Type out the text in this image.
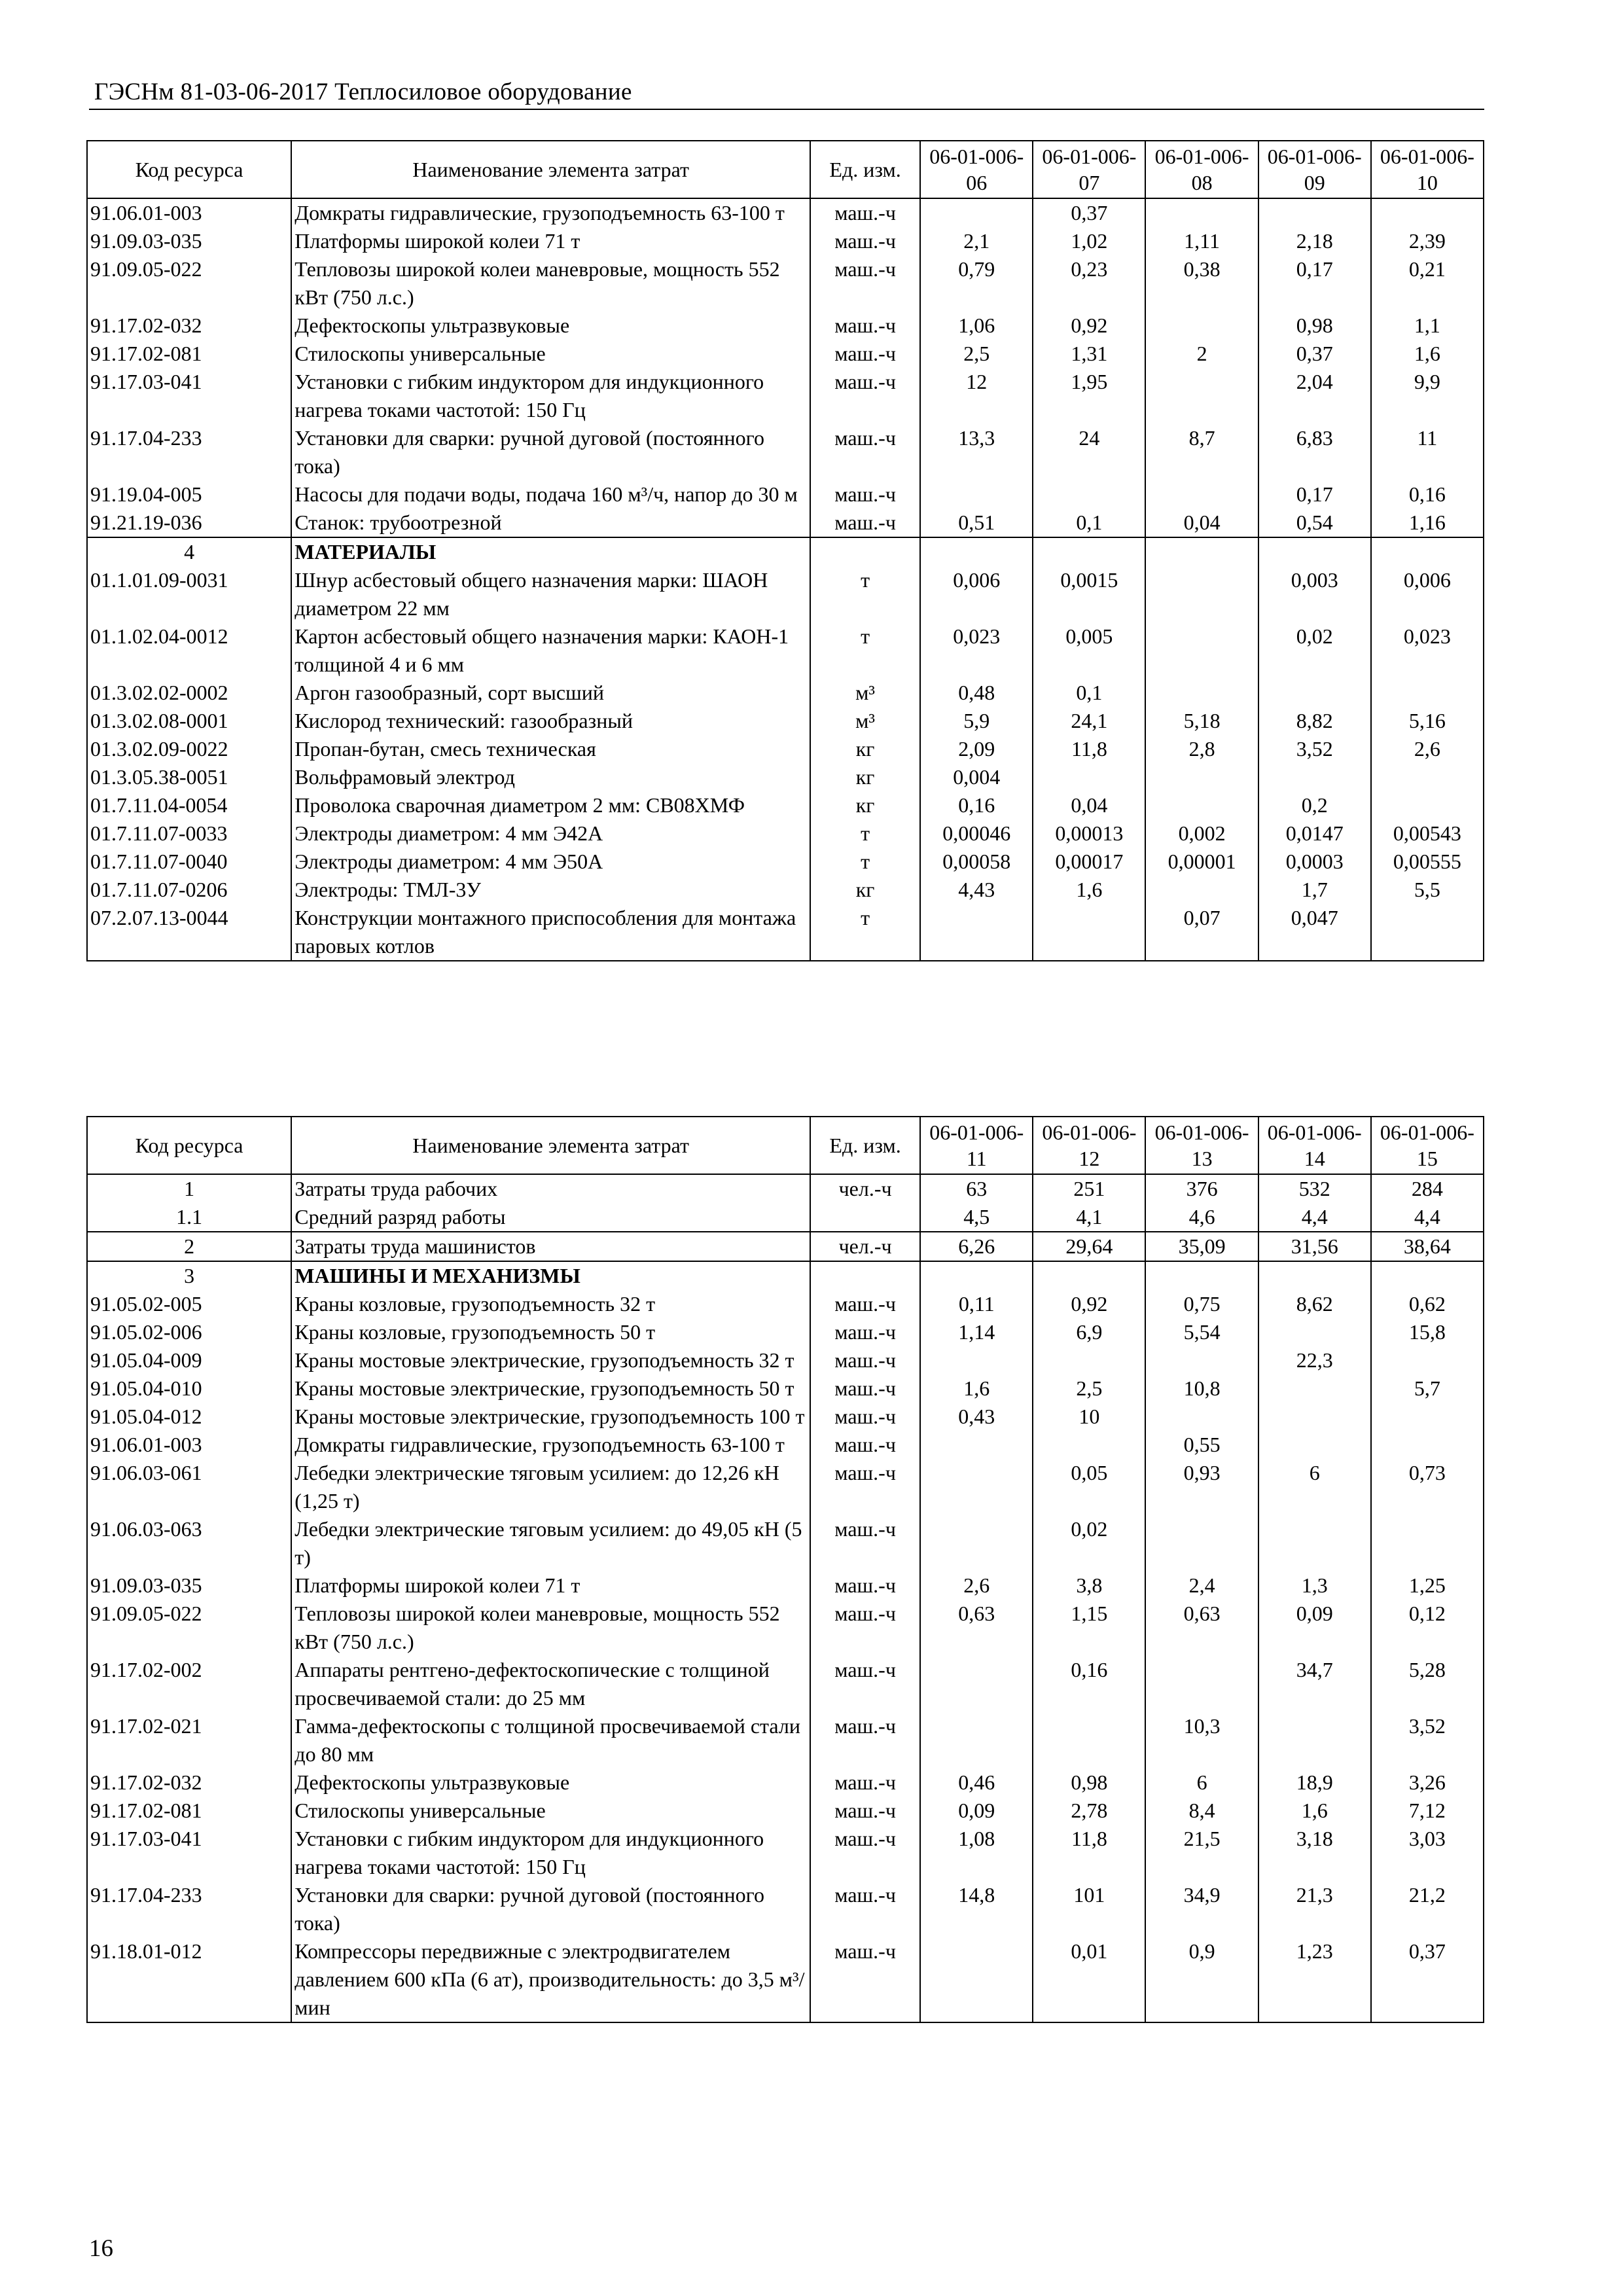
ГЭСНм 81-03-06-2017 Теплосиловое оборудование
Код ресурса	Наименование элемента затрат	Ед. изм.	06-01-006-06	06-01-006-07	06-01-006-08	06-01-006-09	06-01-006-10
91.06.01-003	Домкраты гидравлические, грузоподъемность 63-100 т	маш.-ч		0,37			
91.09.03-035	Платформы широкой колеи 71 т	маш.-ч	2,1	1,02	1,11	2,18	2,39
91.09.05-022	Тепловозы широкой колеи маневровые, мощность 552 кВт (750 л.с.)	маш.-ч	0,79	0,23	0,38	0,17	0,21
91.17.02-032	Дефектоскопы ультразвуковые	маш.-ч	1,06	0,92		0,98	1,1
91.17.02-081	Стилоскопы универсальные	маш.-ч	2,5	1,31	2	0,37	1,6
91.17.03-041	Установки с гибким индуктором для индукционного нагрева токами частотой: 150 Гц	маш.-ч	12	1,95		2,04	9,9
91.17.04-233	Установки для сварки: ручной дуговой (постоянного тока)	маш.-ч	13,3	24	8,7	6,83	11
91.19.04-005	Насосы для подачи воды, подача 160 м³/ч, напор до 30 м	маш.-ч				0,17	0,16
91.21.19-036	Станок: трубоотрезной	маш.-ч	0,51	0,1	0,04	0,54	1,16
4	МАТЕРИАЛЫ						
01.1.01.09-0031	Шнур асбестовый общего назначения марки: ШАОН диаметром 22 мм	т	0,006	0,0015		0,003	0,006
01.1.02.04-0012	Картон асбестовый общего назначения марки: КАОН-1 толщиной 4 и 6 мм	т	0,023	0,005		0,02	0,023
01.3.02.02-0002	Аргон газообразный, сорт высший	м³	0,48	0,1			
01.3.02.08-0001	Кислород технический: газообразный	м³	5,9	24,1	5,18	8,82	5,16
01.3.02.09-0022	Пропан-бутан, смесь техническая	кг	2,09	11,8	2,8	3,52	2,6
01.3.05.38-0051	Вольфрамовый электрод	кг	0,004				
01.7.11.04-0054	Проволока сварочная диаметром 2 мм: СВ08ХМФ	кг	0,16	0,04		0,2	
01.7.11.07-0033	Электроды диаметром: 4 мм Э42А	т	0,00046	0,00013	0,002	0,0147	0,00543
01.7.11.07-0040	Электроды диаметром: 4 мм Э50А	т	0,00058	0,00017	0,00001	0,0003	0,00555
01.7.11.07-0206	Электроды: ТМЛ-3У	кг	4,43	1,6		1,7	5,5
07.2.07.13-0044	Конструкции монтажного приспособления для монтажа паровых котлов	т			0,07	0,047	
Код ресурса	Наименование элемента затрат	Ед. изм.	06-01-006-11	06-01-006-12	06-01-006-13	06-01-006-14	06-01-006-15
1	Затраты труда рабочих	чел.-ч	63	251	376	532	284
1.1	Средний разряд работы		4,5	4,1	4,6	4,4	4,4
2	Затраты труда машинистов	чел.-ч	6,26	29,64	35,09	31,56	38,64
3	МАШИНЫ И МЕХАНИЗМЫ						
91.05.02-005	Краны козловые, грузоподъемность 32 т	маш.-ч	0,11	0,92	0,75	8,62	0,62
91.05.02-006	Краны козловые, грузоподъемность 50 т	маш.-ч	1,14	6,9	5,54		15,8
91.05.04-009	Краны мостовые электрические, грузоподъемность 32 т	маш.-ч				22,3	
91.05.04-010	Краны мостовые электрические, грузоподъемность 50 т	маш.-ч	1,6	2,5	10,8		5,7
91.05.04-012	Краны мостовые электрические, грузоподъемность 100 т	маш.-ч	0,43	10			
91.06.01-003	Домкраты гидравлические, грузоподъемность 63-100 т	маш.-ч			0,55		
91.06.03-061	Лебедки электрические тяговым усилием: до 12,26 кН (1,25 т)	маш.-ч		0,05	0,93	6	0,73
91.06.03-063	Лебедки электрические тяговым усилием: до 49,05 кН (5 т)	маш.-ч		0,02			
91.09.03-035	Платформы широкой колеи 71 т	маш.-ч	2,6	3,8	2,4	1,3	1,25
91.09.05-022	Тепловозы широкой колеи маневровые, мощность 552 кВт (750 л.с.)	маш.-ч	0,63	1,15	0,63	0,09	0,12
91.17.02-002	Аппараты рентгено-дефектоскопические с толщиной просвечиваемой стали: до 25 мм	маш.-ч		0,16		34,7	5,28
91.17.02-021	Гамма-дефектоскопы с толщиной просвечиваемой стали до 80 мм	маш.-ч			10,3		3,52
91.17.02-032	Дефектоскопы ультразвуковые	маш.-ч	0,46	0,98	6	18,9	3,26
91.17.02-081	Стилоскопы универсальные	маш.-ч	0,09	2,78	8,4	1,6	7,12
91.17.03-041	Установки с гибким индуктором для индукционного нагрева токами частотой: 150 Гц	маш.-ч	1,08	11,8	21,5	3,18	3,03
91.17.04-233	Установки для сварки: ручной дуговой (постоянного тока)	маш.-ч	14,8	101	34,9	21,3	21,2
91.18.01-012	Компрессоры передвижные с электродвигателем давлением 600 кПа (6 ат), производительность: до 3,5 м³/мин	маш.-ч		0,01	0,9	1,23	0,37
16
